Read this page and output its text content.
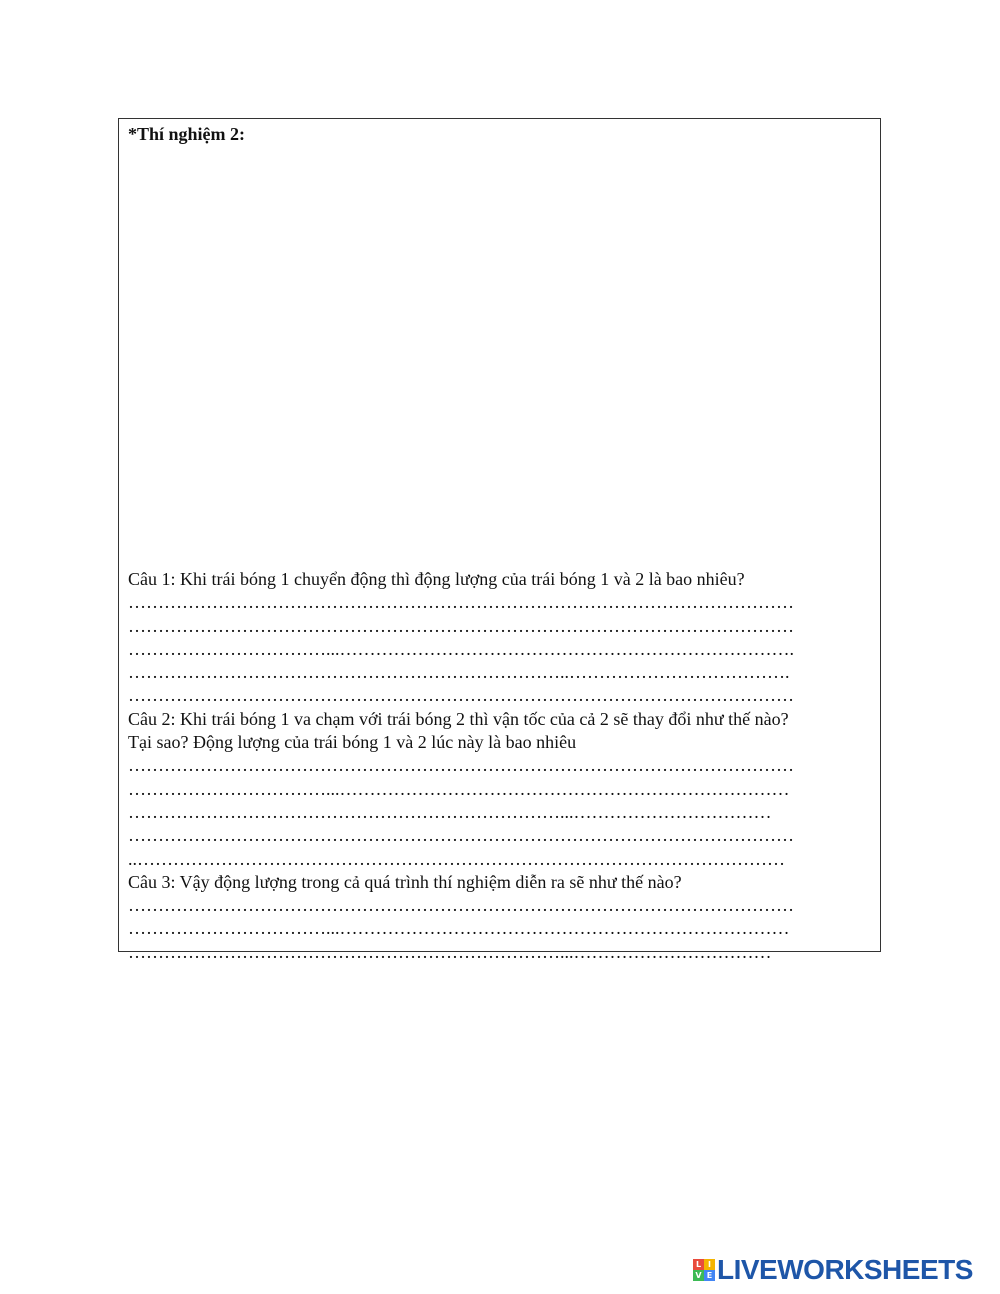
*Thí nghiệm 2:
Câu 1: Khi trái bóng 1 chuyển động thì động lượng của trái bóng 1 và 2 là bao nhiêu?
…………………………………………………………………………………………………
…………………………………………………………………………………………………
……………………………...………………………………………………………………….
………………………………………………………………..……………………………….
…………………………………………………………………………………………………
Câu 2: Khi trái bóng 1 va chạm với trái bóng 2 thì vận tốc của cả 2 sẽ thay đổi như thế nào?
Tại sao? Động lượng của trái bóng 1 và 2 lúc này là bao nhiêu
…………………………………………………………………………………………………
……………………………...…………………………………………………………………
………………………………………………………………...……………………………
…………………………………………………………………………………………………
..………………………………………………………………………………………………
Câu 3: Vậy động lượng trong cả quá trình thí nghiệm diễn ra sẽ như thế nào?
…………………………………………………………………………………………………
……………………………...…………………………………………………………………
………………………………………………………………...……………………………
L I
V E LIVEWORKSHEETS
